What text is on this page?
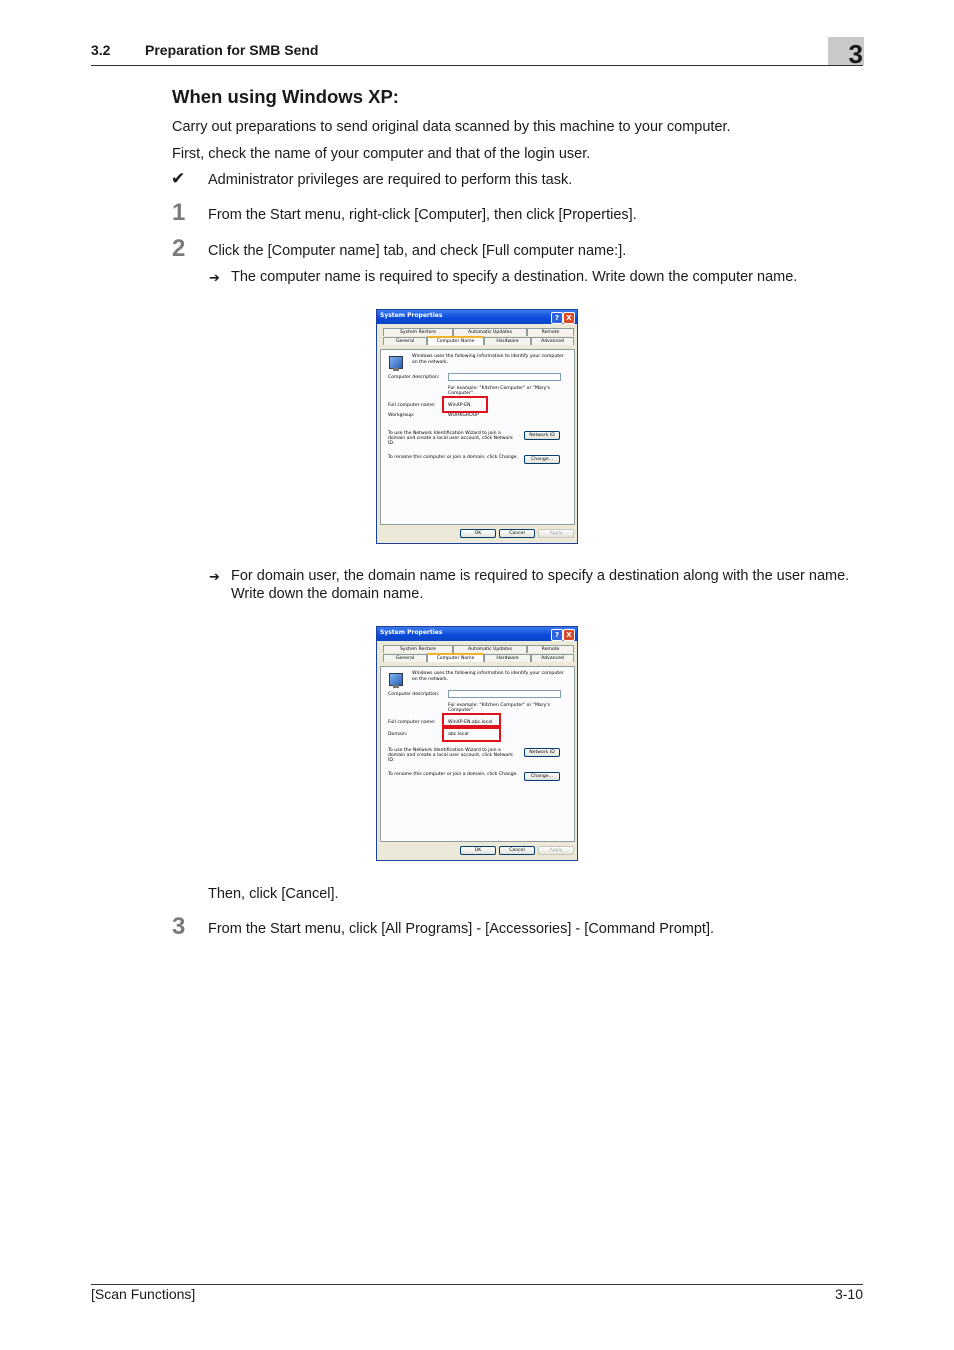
3.2 Preparation for SMB Send	3
When using Windows XP:
Carry out preparations to send original data scanned by this machine to your computer.
First, check the name of your computer and that of the login user.
✔ Administrator privileges are required to perform this task.
1 From the Start menu, right-click [Computer], then click [Properties].
2 Click the [Computer name] tab, and check [Full computer name:].
➔ The computer name is required to specify a destination. Write down the computer name.
System Properties	?	X
System Restore	Automatic Updates	Remote
General	Computer Name	Hardware	Advanced
Windows uses the following information to identify your computer
on the network.
Computer description:
For example: "Kitchen Computer" or "Mary's
Computer".
Full computer name:	WinXP-EN.
Workgroup:	WORKGROUP
To use the Network Identification Wizard to join a
domain and create a local user account, click Network
ID.
Network ID
To rename this computer or join a domain, click Change.	Change...
OK	Cancel	Apply
➔ For domain user, the domain name is required to specify a destination along with the user name.
Write down the domain name.
System Properties	?	X
System Restore	Automatic Updates	Remote
General	Computer Name	Hardware	Advanced
Windows uses the following information to identify your computer
on the network.
Computer description:
For example: "Kitchen Computer" or "Mary's
Computer".
Full computer name:	WinXP-EN.abc.local
Domain:	abc.local
To use the Network Identification Wizard to join a
domain and create a local user account, click Network
ID.
Network ID
To rename this computer or join a domain, click Change.	Change...
OK	Cancel	Apply
Then, click [Cancel].
3 From the Start menu, click [All Programs] - [Accessories] - [Command Prompt].
[Scan Functions]	3-10
